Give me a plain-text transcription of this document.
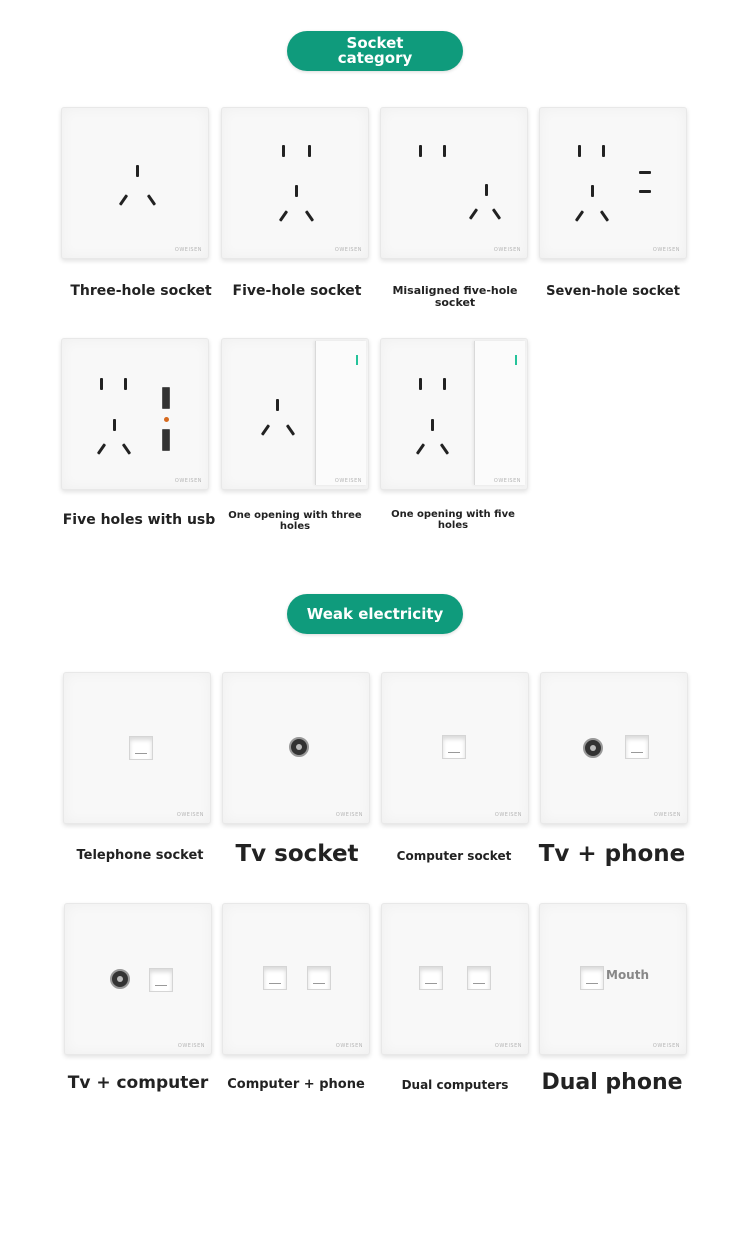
Socket category
OWEISEN	OWEISEN	OWEISEN	OWEISEN
Three-hole socket	Five-hole socket	Misaligned five-hole socket
Seven-hole socket
OWEISEN	OWEISEN	OWEISEN
Five holes with usb One opening with three holes
One opening with five holes
Weak electricity
OWEISEN	OWEISEN	OWEISEN	OWEISEN
Telephone socket	Tv socket	Computer socket	Tv + phone
OWEISEN	OWEISEN	OWEISEN
Mouth
OWEISEN
Tv + computer	Computer + phone	Dual computers	Dual phone
